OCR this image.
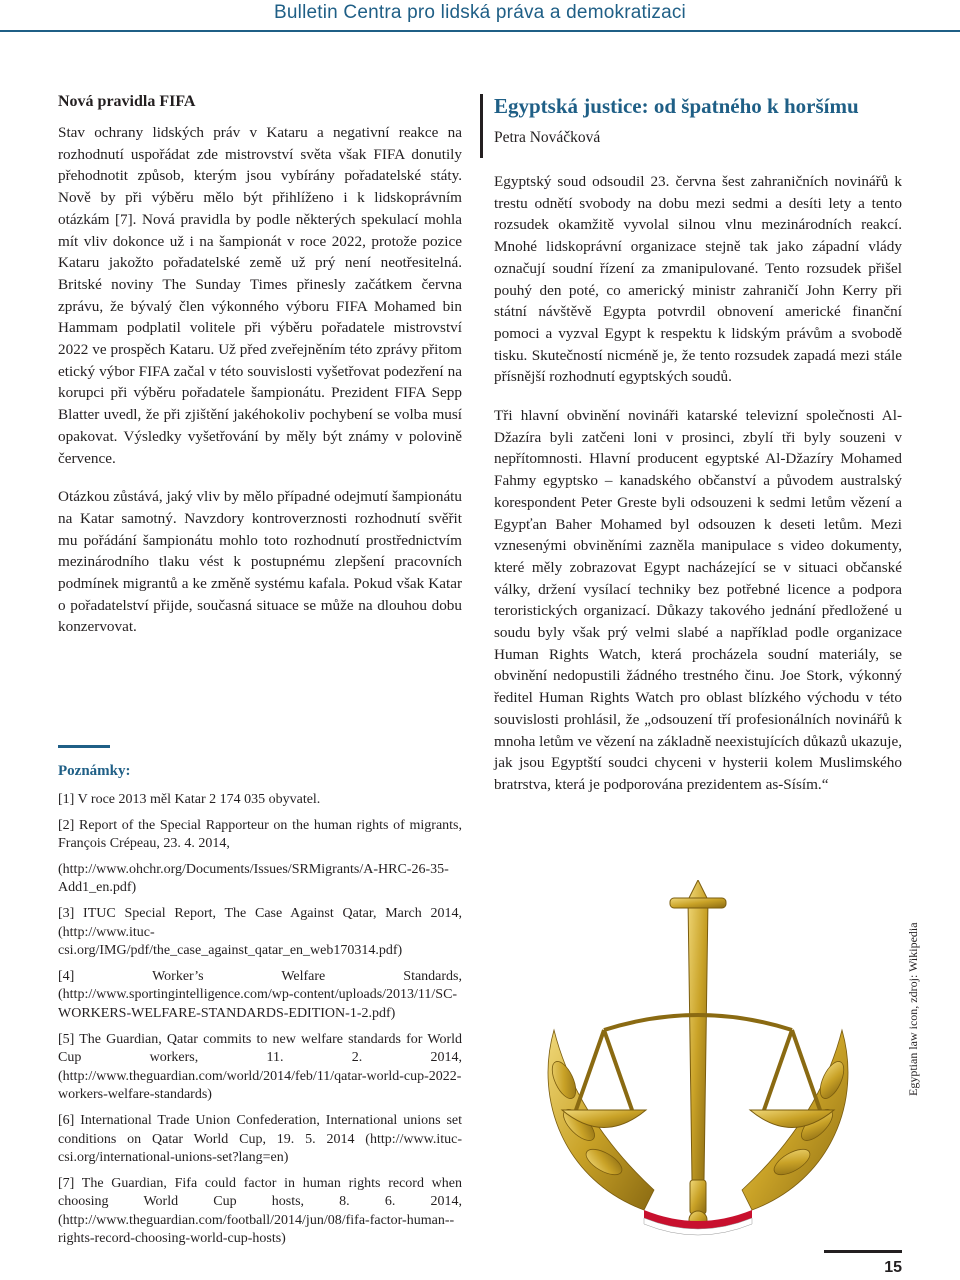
Bulletin Centra pro lidská práva a demokratizaci
Nová pravidla FIFA

Stav ochrany lidských práv v Kataru a negativní reakce na rozhodnutí uspořádat zde mistrovství světa však FIFA donutily přehodnotit způsob, kterým jsou vybírány pořadatelské státy. Nově by při výběru mělo být přihlíženo i k lidskoprávním otázkám [7]. Nová pravidla by podle některých spekulací mohla mít vliv dokonce už i na šampionát v roce 2022, protože pozice Kataru jakožto pořadatelské země už prý není neotřesitelná. Britské noviny The Sunday Times přinesly začátkem června zprávu, že bývalý člen výkonného výboru FIFA Mohamed bin Hammam podplatil volitele při výběru pořadatele mistrovství 2022 ve prospěch Kataru. Už před zveřejněním této zprávy přitom etický výbor FIFA začal v této souvislosti vyšetřovat podezření na korupci při výběru pořadatele šampionátu. Prezident FIFA Sepp Blatter uvedl, že při zjištění jakéhokoliv pochybení se volba musí opakovat. Výsledky vyšetřování by měly být známy v polovině července.

Otázkou zůstává, jaký vliv by mělo případné odejmutí šampionátu na Katar samotný. Navzdory kontroverznosti rozhodnutí svěřit mu pořádání šampionátu mohlo toto rozhodnutí prostřednictvím mezinárodního tlaku vést k postupnému zlepšení pracovních podmínek migrantů a ke změně systému kafala. Pokud však Katar o pořadatelství přijde, současná situace se může na dlouhou dobu konzervovat.

Poznámky:

[1] V roce 2013 měl Katar 2 174 035 obyvatel.

[2] Report of the Special Rapporteur on the human rights of migrants, François Crépeau, 23. 4. 2014,

(http://www.ohchr.org/Documents/Issues/SRMigrants/A-HRC-26-35-Add1_en.pdf)

[3] ITUC Special Report, The Case Against Qatar, March 2014, (http://www.ituc-csi.org/IMG/pdf/the_case_against_qatar_en_web170314.pdf)

[4] Worker’s Welfare Standards, (http://www.sportingintelligence.com/wp-content/uploads/2013/11/SC-WORKERS-WELFARE-STANDARDS-EDITION-1-2.pdf)

[5] The Guardian, Qatar commits to new welfare standards for World Cup workers, 11. 2. 2014, (http://www.theguardian.com/world/2014/feb/11/qatar-world-cup-2022-workers-welfare-standards)

[6] International Trade Union Confederation, International unions set conditions on Qatar World Cup, 19. 5. 2014 (http://www.ituc-csi.org/international-unions-set?lang=en)

[7] The Guardian, Fifa could factor in human rights record when choosing World Cup hosts, 8. 6. 2014, (http://www.theguardian.com/football/2014/jun/08/fifa-factor-human--rights-record-choosing-world-cup-hosts)

Egyptská justice: od špatného k horšímu
Petra Nováčková

Egyptský soud odsoudil 23. června šest zahraničních novinářů k trestu odnětí svobody na dobu mezi sedmi a desíti lety a tento rozsudek okamžitě vyvolal silnou vlnu mezinárodních reakcí. Mnohé lidskoprávní organizace stejně tak jako západní vlády označují soudní řízení za zmanipulované. Tento rozsudek přišel pouhý den poté, co americký ministr zahraničí John Kerry při státní návštěvě Egypta potvrdil obnovení americké finanční pomoci a vyzval Egypt k respektu k lidským právům a svobodě tisku. Skutečností nicméně je, že tento rozsudek zapadá mezi stále přísnější rozhodnutí egyptských soudů.

Tři hlavní obvinění novináři katarské televizní společnosti Al-Džazíra byli zatčeni loni v prosinci, zbylí tři byly souzeni v nepřítomnosti. Hlavní producent egyptské Al-Džazíry Mohamed Fahmy egyptsko – kanadského občanství a původem australský korespondent Peter Greste byli odsouzeni k sedmi letům vězení a Egypťan Baher Mohamed byl odsouzen k deseti letům. Mezi vznesenými obviněními zazněla manipulace s video dokumenty, které měly zobrazovat Egypt nacházející se v situaci občanské války, držení vysílací techniky bez potřebné licence a podpora teroristických organizací. Důkazy takového jednání předložené u soudu byly však prý velmi slabé a například podle organizace Human Rights Watch, která procházela soudní materiály, se obvinění nedopustili žádného trestného činu. Joe Stork, výkonný ředitel Human Rights Watch pro oblast blízkého východu v této souvislosti prohlásil, že „odsouzení tří profesionálních novinářů k mnoha letům ve vězení na základně neexistujících důkazů ukazuje, jak jsou Egyptští soudci chyceni v hysterii kolem Muslimského bratrstva, která je podporována prezidentem as-Sísím.“

Egyptian law icon, zdroj: Wikipedia
15
